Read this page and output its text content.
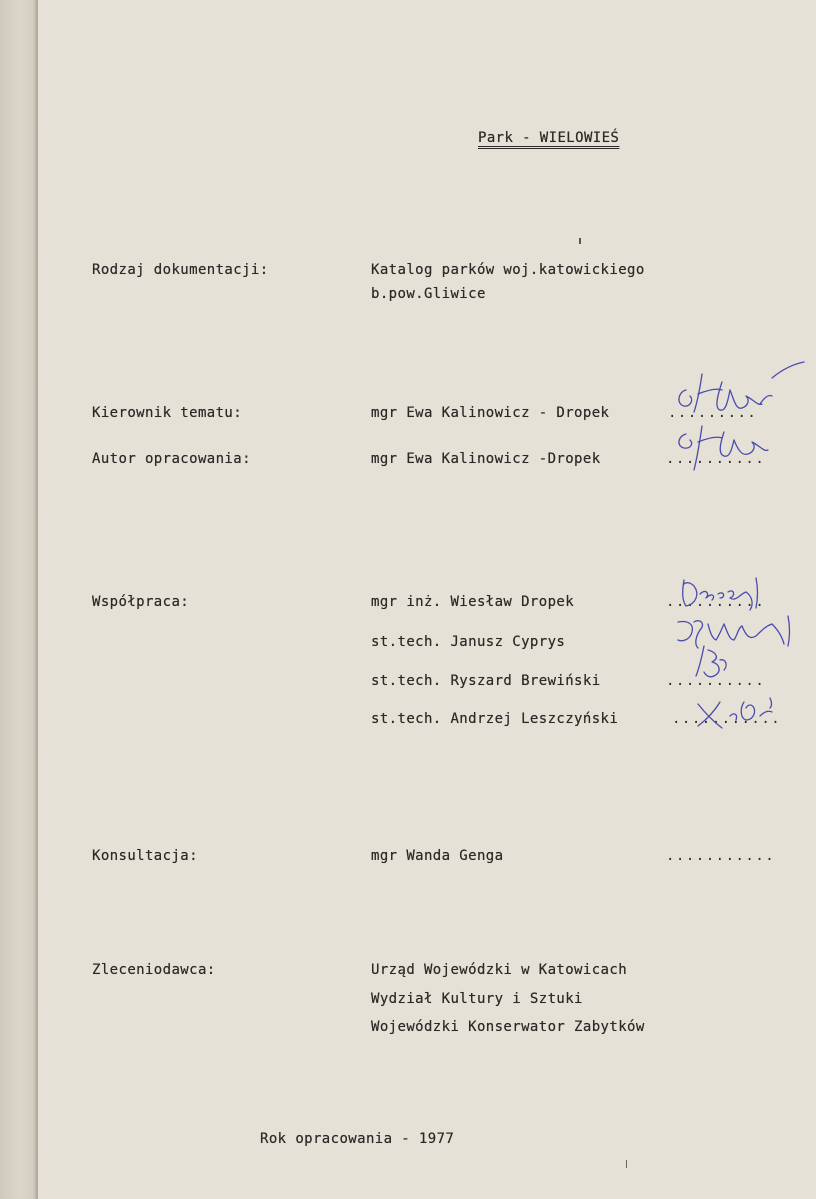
Park - WIELOWIEŚ
Rodzaj dokumentacji:	Katalog parków woj.katowickiego
b.pow.Gliwice
Kierownik tematu:	mgr Ewa Kalinowicz - Dropek	.........
Autor opracowania:	mgr Ewa Kalinowicz -Dropek	..........
Współpraca:	mgr inż. Wiesław Dropek	..........
st.tech. Janusz Cyprys
st.tech. Ryszard Brewiński	..........
st.tech. Andrzej Leszczyński	...........
Konsultacja:	mgr Wanda Genga	...........
Zleceniodawca:	Urząd Wojewódzki w Katowicach
Wydział Kultury i Sztuki
Wojewódzki Konserwator Zabytków
Rok opracowania - 1977
